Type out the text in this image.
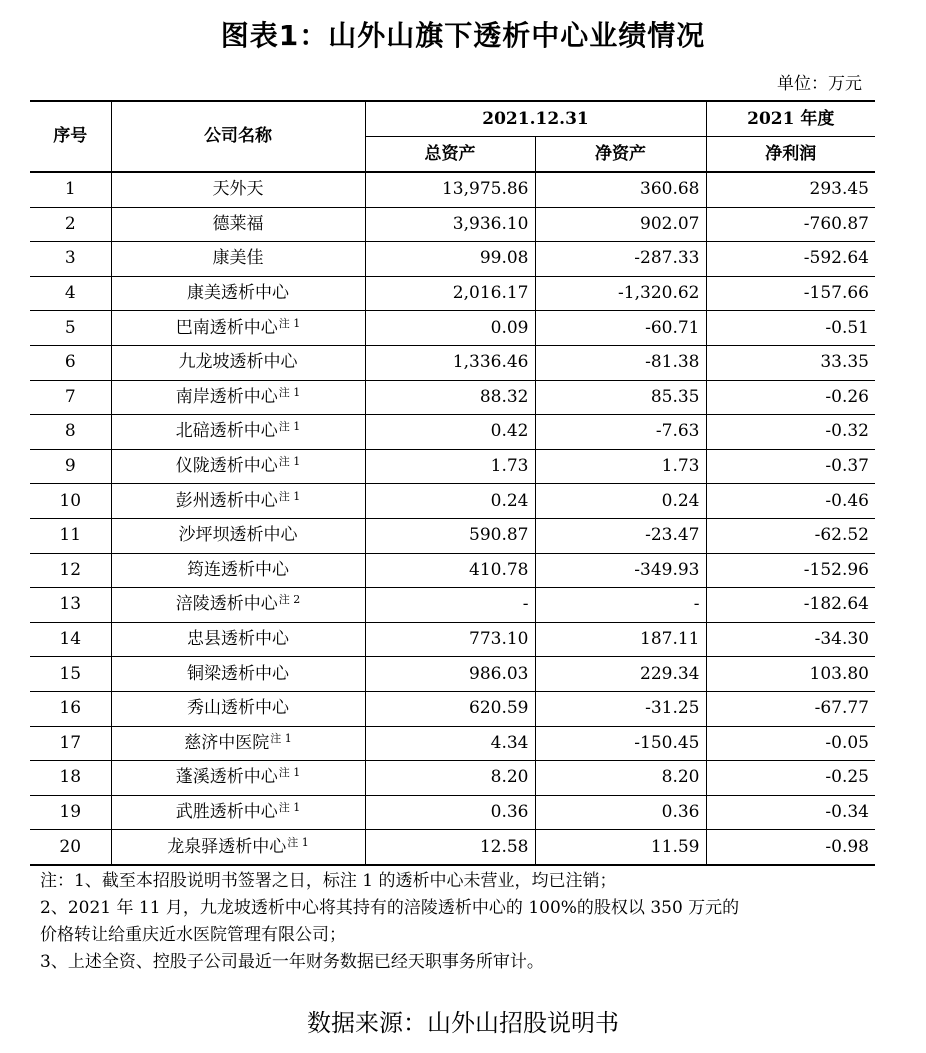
图表1：山外山旗下透析中心业绩情况
单位：万元
序号	公司名称	2021.12.31		2021 年度
		总资产	净资产	净利润
1	天外天	13,975.86	360.68	293.45
2	德莱福	3,936.10	902.07	-760.87
3	康美佳	99.08	-287.33	-592.64
4	康美透析中心	2,016.17	-1,320.62	-157.66
5	巴南透析中心$^{注 1}$	0.09	-60.71	-0.51
6	九龙坡透析中心	1,336.46	-81.38	33.35
7	南岸透析中心$^{注 1}$	88.32	85.35	-0.26
8	北碚透析中心$^{注 1}$	0.42	-7.63	-0.32
9	仪陇透析中心$^{注 1}$	1.73	1.73	-0.37
10	彭州透析中心$^{注 1}$	0.24	0.24	-0.46
11	沙坪坝透析中心	590.87	-23.47	-62.52
12	筠连透析中心	410.78	-349.93	-152.96
13	涪陵透析中心$^{注 2}$	-	-	-182.64
14	忠县透析中心	773.10	187.11	-34.30
15	铜梁透析中心	986.03	229.34	103.80
16	秀山透析中心	620.59	-31.25	-67.77
17	慈济中医院$^{注 1}$	4.34	-150.45	-0.05
18	蓬溪透析中心$^{注 1}$	8.20	8.20	-0.25
19	武胜透析中心$^{注 1}$	0.36	0.36	-0.34
20	龙泉驿透析中心$^{注 1}$	12.58	11.59	-0.98

注：1、截至本招股说明书签署之日，标注 1 的透析中心未营业，均已注销；

2、2021 年 11 月，九龙坡透析中心将其持有的涪陵透析中心的 100%的股权以 350 万元的

价格转让给重庆近水医院管理有限公司；

3、上述全资、控股子公司最近一年财务数据已经天职事务所审计。

数据来源：山外山招股说明书
